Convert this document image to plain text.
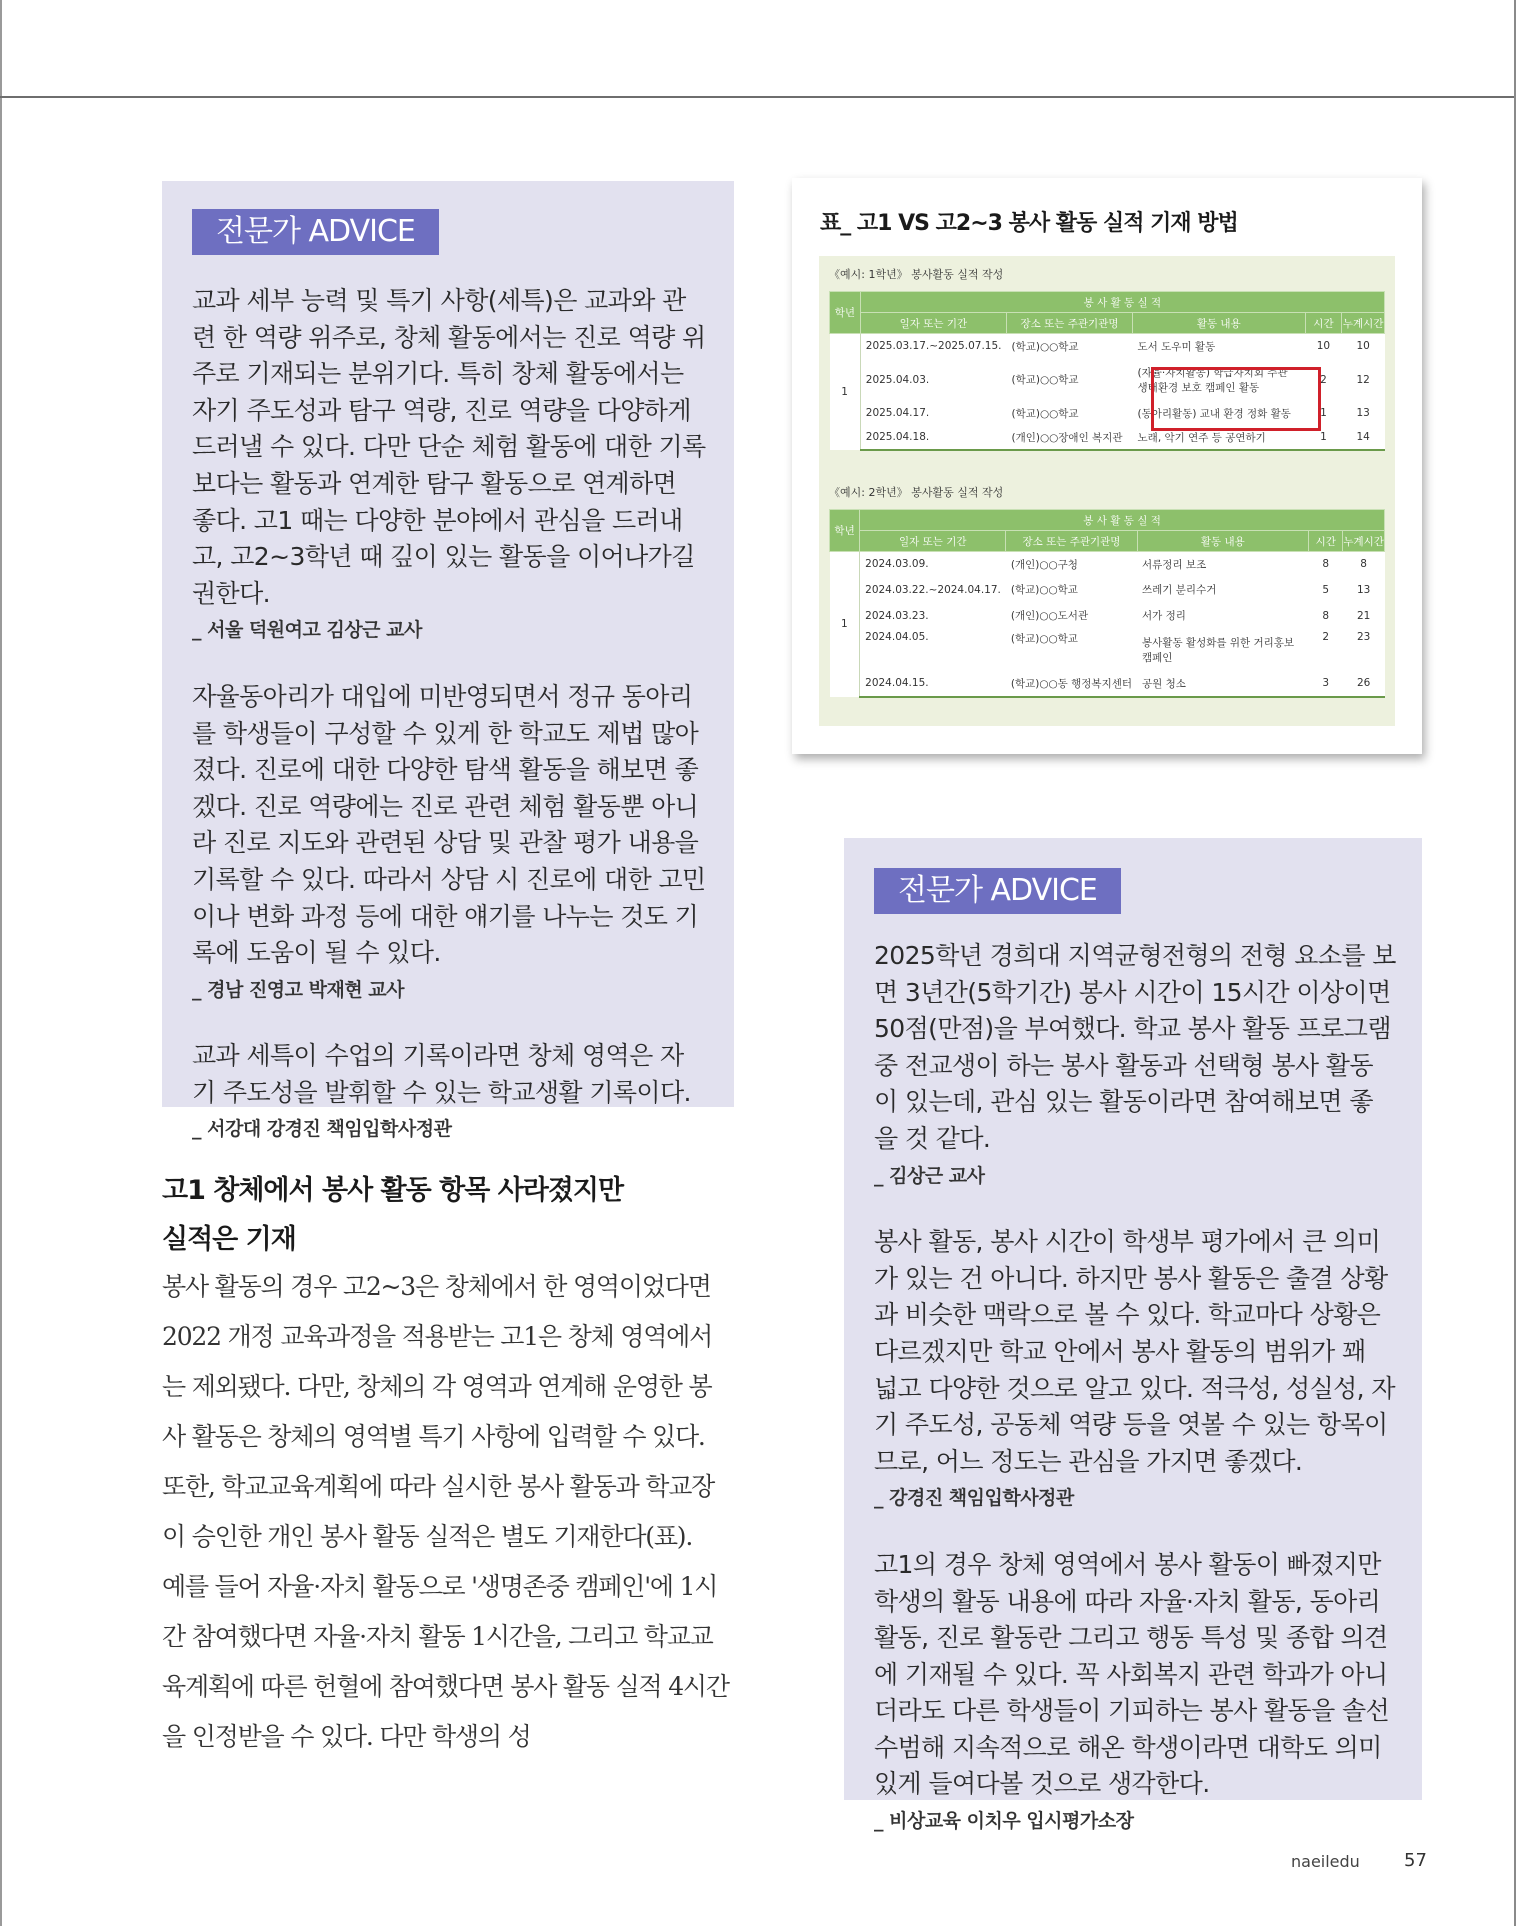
전문가 ADVICE

교과 세부 능력 및 특기 사항(세특)은 교과와 관련 한 역량 위주로, 창체 활동에서는 진로 역량 위주로 기재되는 분위기다. 특히 창체 활동에서는 자기 주도성과 탐구 역량, 진로 역량을 다양하게 드러낼 수 있다. 다만 단순 체험 활동에 대한 기록보다는 활동과 연계한 탐구 활동으로 연계하면 좋다. 고1 때는 다양한 분야에서 관심을 드러내고, 고2~3학년 때 깊이 있는 활동을 이어나가길 권한다.

_ 서울 덕원여고 김상근 교사

자율동아리가 대입에 미반영되면서 정규 동아리를 학생들이 구성할 수 있게 한 학교도 제법 많아졌다. 진로에 대한 다양한 탐색 활동을 해보면 좋겠다. 진로 역량에는 진로 관련 체험 활동뿐 아니라 진로 지도와 관련된 상담 및 관찰 평가 내용을 기록할 수 있다. 따라서 상담 시 진로에 대한 고민이나 변화 과정 등에 대한 얘기를 나누는 것도 기록에 도움이 될 수 있다.

_ 경남 진영고 박재현 교사

교과 세특이 수업의 기록이라면 창체 영역은 자기 주도성을 발휘할 수 있는 학교생활 기록이다.

_ 서강대 강경진 책임입학사정관

고1 창체에서 봉사 활동 항목 사라졌지만
실적은 기재

봉사 활동의 경우 고2~3은 창체에서 한 영역이었다면 2022 개정 교육과정을 적용받는 고1은 창체 영역에서는 제외됐다. 다만, 창체의 각 영역과 연계해 운영한 봉사 활동은 창체의 영역별 특기 사항에 입력할 수 있다. 또한, 학교교육계획에 따라 실시한 봉사 활동과 학교장이 승인한 개인 봉사 활동 실적은 별도 기재한다(표).

예를 들어 자율·자치 활동으로 '생명존중 캠페인'에 1시간 참여했다면 자율·자치 활동 1시간을, 그리고 학교교육계획에 따른 헌혈에 참여했다면 봉사 활동 실적 4시간을 인정받을 수 있다. 다만 학생의 성

표_ 고1 VS 고2~3 봉사 활동 실적 기재 방법
《예시: 1학년》 봉사활동 실적 작성
학년	봉 사 활 동 실 적				
	일자 또는 기간	장소 또는 주관기관명	활동 내용	시간	누계시간
1	2025.03.17.~2025.07.15.	(학교)○○학교	도서 도우미 활동	10	10
	2025.04.03.	(학교)○○학교	(자율·자치활동) 학급자치회 주관
생태환경 보호 캠페인 활동	2	12
	2025.04.17.	(학교)○○학교	(동아리활동) 교내 환경 정화 활동	1	13
	2025.04.18.	(개인)○○장애인 복지관	노래, 악기 연주 등 공연하기	1	14
《예시: 2학년》 봉사활동 실적 작성
학년	봉 사 활 동 실 적				
	일자 또는 기간	장소 또는 주관기관명	활동 내용	시간	누계시간
1	2024.03.09.	(개인)○○구청	서류정리 보조	8	8
	2024.03.22.~2024.04.17.	(학교)○○학교	쓰레기 분리수거	5	13
	2024.03.23.	(개인)○○도서관	서가 정리	8	21
	2024.04.05.	(학교)○○학교	봉사활동 활성화를 위한 거리홍보
캠페인	2	23
	2024.04.15.	(학교)○○동 행정복지센터	공원 청소	3	26
전문가 ADVICE

2025학년 경희대 지역균형전형의 전형 요소를 보면 3년간(5학기간) 봉사 시간이 15시간 이상이면 50점(만점)을 부여했다. 학교 봉사 활동 프로그램 중 전교생이 하는 봉사 활동과 선택형 봉사 활동이 있는데, 관심 있는 활동이라면 참여해보면 좋을 것 같다.

_ 김상근 교사

봉사 활동, 봉사 시간이 학생부 평가에서 큰 의미가 있는 건 아니다. 하지만 봉사 활동은 출결 상황과 비슷한 맥락으로 볼 수 있다. 학교마다 상황은 다르겠지만 학교 안에서 봉사 활동의 범위가 꽤 넓고 다양한 것으로 알고 있다. 적극성, 성실성, 자기 주도성, 공동체 역량 등을 엿볼 수 있는 항목이므로, 어느 정도는 관심을 가지면 좋겠다.

_ 강경진 책임입학사정관

고1의 경우 창체 영역에서 봉사 활동이 빠졌지만 학생의 활동 내용에 따라 자율·자치 활동, 동아리 활동, 진로 활동란 그리고 행동 특성 및 종합 의견에 기재될 수 있다. 꼭 사회복지 관련 학과가 아니더라도 다른 학생들이 기피하는 봉사 활동을 솔선수범해 지속적으로 해온 학생이라면 대학도 의미 있게 들여다볼 것으로 생각한다.

_ 비상교육 이치우 입시평가소장

naeiledu 57
